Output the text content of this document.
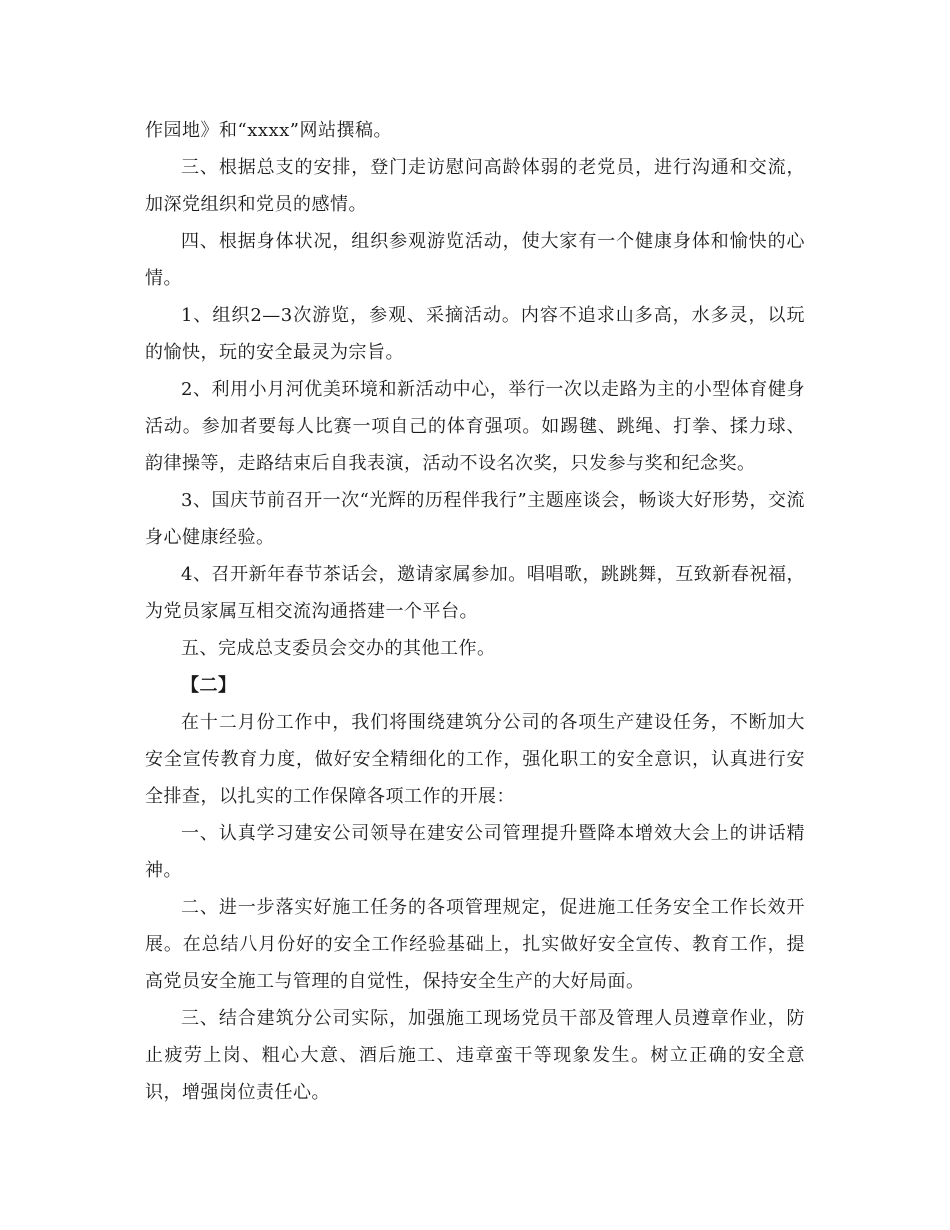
作园地》和“xxxx”网站撰稿。

三、根据总支的安排，登门走访慰问高龄体弱的老党员，进行沟通和交流，加深党组织和党员的感情。

四、根据身体状况，组织参观游览活动，使大家有一个健康身体和愉快的心情。

1、组织2—3次游览，参观、采摘活动。内容不追求山多高，水多灵，以玩的愉快，玩的安全最灵为宗旨。

2、利用小月河优美环境和新活动中心，举行一次以走路为主的小型体育健身活动。参加者要每人比赛一项自己的体育强项。如踢毽、跳绳、打拳、揉力球、韵律操等，走路结束后自我表演，活动不设名次奖，只发参与奖和纪念奖。

3、国庆节前召开一次“光辉的历程伴我行”主题座谈会，畅谈大好形势，交流身心健康经验。

4、召开新年春节茶话会，邀请家属参加。唱唱歌，跳跳舞，互致新春祝福，为党员家属互相交流沟通搭建一个平台。

五、完成总支委员会交办的其他工作。

【二】

在十二月份工作中，我们将围绕建筑分公司的各项生产建设任务，不断加大安全宣传教育力度，做好安全精细化的工作，强化职工的安全意识，认真进行安全排查，以扎实的工作保障各项工作的开展：

一、认真学习建安公司领导在建安公司管理提升暨降本增效大会上的讲话精神。

二、进一步落实好施工任务的各项管理规定，促进施工任务安全工作长效开展。在总结八月份好的安全工作经验基础上，扎实做好安全宣传、教育工作，提高党员安全施工与管理的自觉性，保持安全生产的大好局面。

三、结合建筑分公司实际，加强施工现场党员干部及管理人员遵章作业，防止疲劳上岗、粗心大意、酒后施工、违章蛮干等现象发生。树立正确的安全意识，增强岗位责任心。
